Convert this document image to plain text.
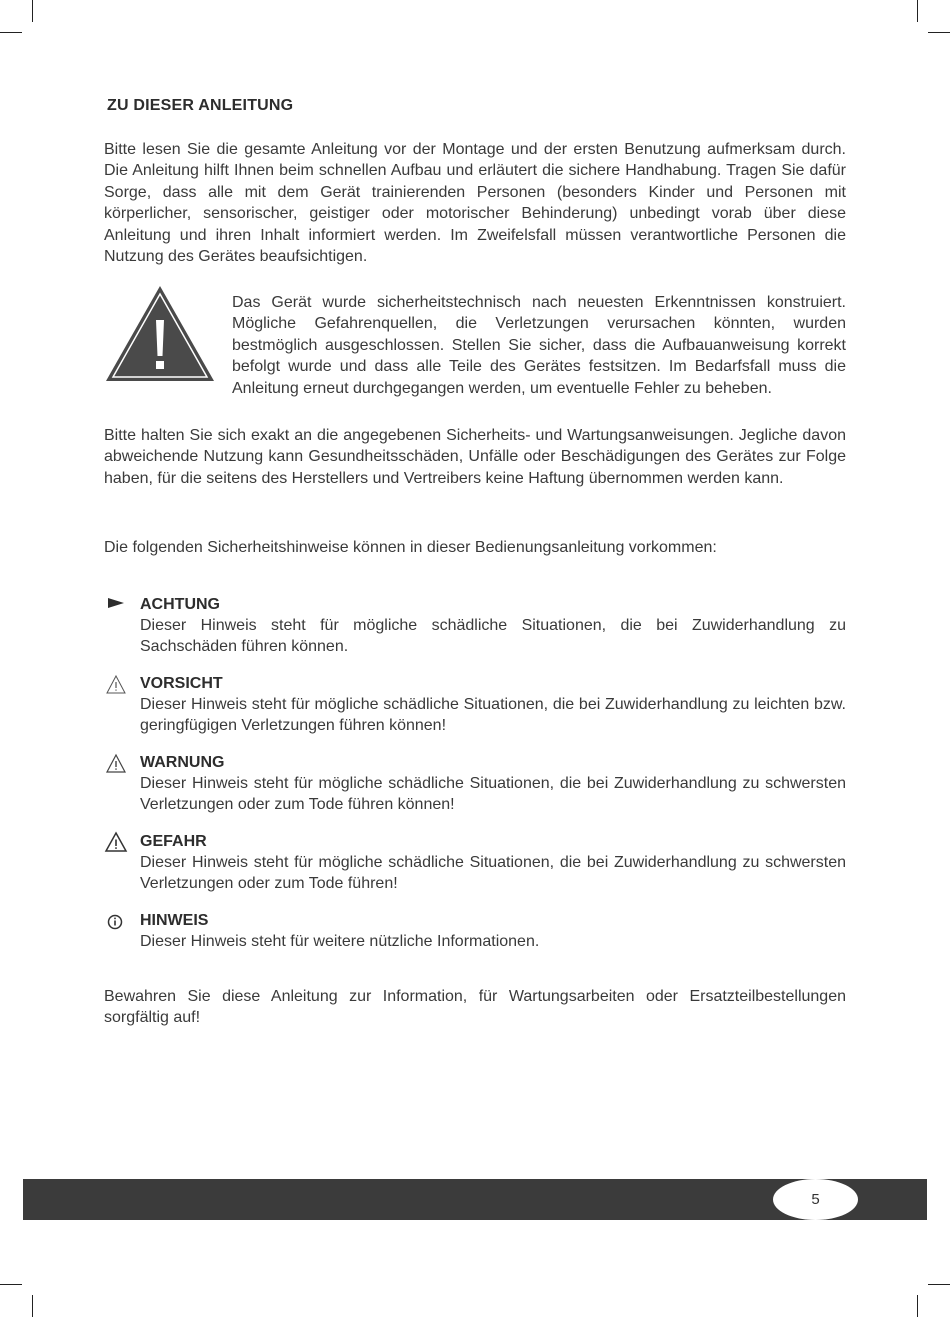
ZU DIESER ANLEITUNG

Bitte lesen Sie die gesamte Anleitung vor der Montage und der ersten Benutzung aufmerksam durch. Die Anleitung hilft Ihnen beim schnellen Aufbau und erläutert die sichere Handhabung. Tragen Sie dafür Sorge, dass alle mit dem Gerät trainierenden Personen (besonders Kinder und Personen mit körperlicher, sensorischer, geistiger oder motorischer Behinderung) unbedingt vorab über diese Anleitung und ihren Inhalt informiert werden. Im Zweifelsfall müssen verantwortliche Personen die Nutzung des Gerätes beaufsichtigen.

Das Gerät wurde sicherheitstechnisch nach neuesten Erkenntnissen konstruiert. Mögliche Gefahrenquellen, die Verletzungen verursachen könnten, wurden bestmöglich ausgeschlossen. Stellen Sie sicher, dass die Aufbauanweisung korrekt befolgt wurde und dass alle Teile des Gerätes festsitzen. Im Bedarfsfall muss die Anleitung erneut durchgegangen werden, um eventuelle Fehler zu beheben.

Bitte halten Sie sich exakt an die angegebenen Sicherheits- und Wartungsanweisungen. Jegliche davon abweichende Nutzung kann Gesundheitsschäden, Unfälle oder Beschädigungen des Gerätes zur Folge haben, für die seitens des Herstellers und Vertreibers keine Haftung übernommen werden kann.

Die folgenden Sicherheitshinweise können in dieser Bedienungsanleitung vorkommen:

ACHTUNG

Dieser Hinweis steht für mögliche schädliche Situationen, die bei Zuwiderhandlung zu Sachschäden führen können.

VORSICHT

Dieser Hinweis steht für mögliche schädliche Situationen, die bei Zuwiderhandlung zu leichten bzw. geringfügigen Verletzungen führen können!

WARNUNG

Dieser Hinweis steht für mögliche schädliche Situationen, die bei Zuwiderhandlung zu schwersten Verletzungen oder zum Tode führen können!

GEFAHR

Dieser Hinweis steht für mögliche schädliche Situationen, die bei Zuwiderhandlung zu schwersten Verletzungen oder zum Tode führen!

HINWEIS

Dieser Hinweis steht für weitere nützliche Informationen.

Bewahren Sie diese Anleitung zur Information, für Wartungsarbeiten oder Ersatzteilbestellungen sorgfältig auf!

5
